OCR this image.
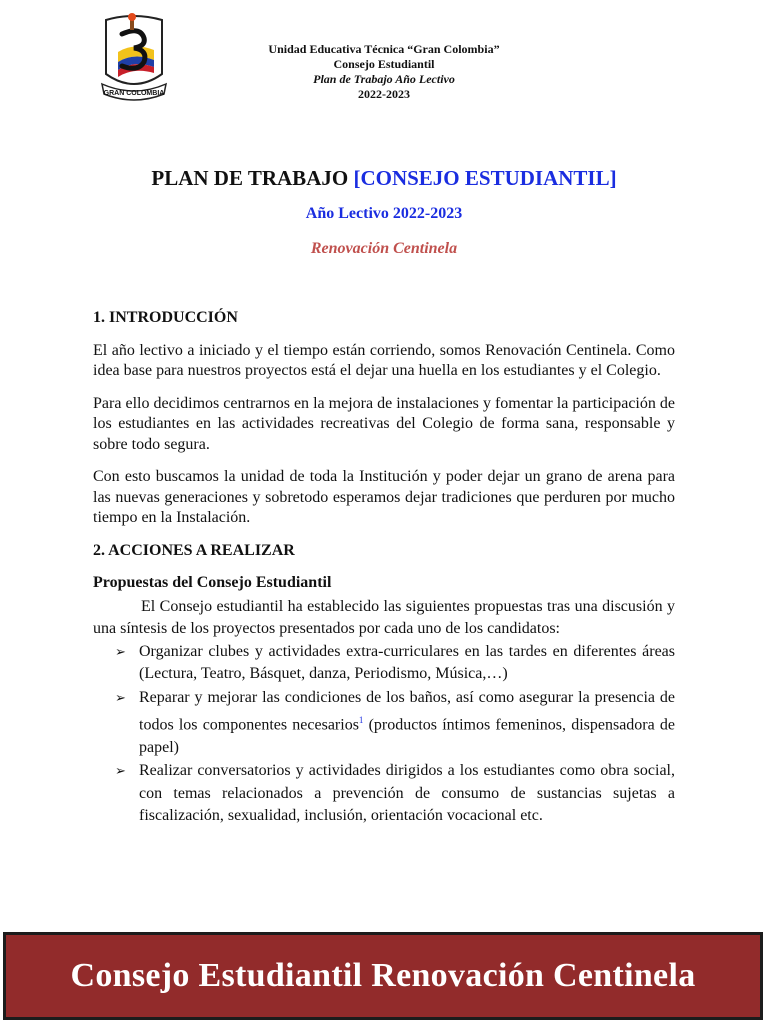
GRAN COLOMBIA
Unidad Educativa Técnica “Gran Colombia”
Consejo Estudiantil
Plan de Trabajo Año Lectivo
2022-2023
PLAN DE TRABAJO [CONSEJO ESTUDIANTIL]
Año Lectivo 2022-2023
Renovación Centinela
1. INTRODUCCIÓN

El año lectivo a iniciado y el tiempo están corriendo, somos Renovación Centinela. Como idea base para nuestros proyectos está el dejar una huella en los estudiantes y el Colegio.

Para ello decidimos centrarnos en la mejora de instalaciones y fomentar la participación de los estudiantes en las actividades recreativas del Colegio de forma sana, responsable y sobre todo segura.

Con esto buscamos la unidad de toda la Institución y poder dejar un grano de arena para las nuevas generaciones y sobretodo esperamos dejar tradiciones que perduren por mucho tiempo en la Instalación.

2. ACCIONES A REALIZAR
Propuestas del Consejo Estudiantil

El Consejo estudiantil ha establecido las siguientes propuestas tras una discusión y una síntesis de los proyectos presentados por cada uno de los candidatos:

➢ Organizar clubes y actividades extra-curriculares en las tardes en diferentes áreas (Lectura, Teatro, Básquet, danza, Periodismo, Música,…)
➢ Reparar y mejorar las condiciones de los baños, así como asegurar la presencia de todos los componentes necesarios$^1$ (productos íntimos femeninos, dispensadora de papel)
➢ Realizar conversatorios y actividades dirigidos a los estudiantes como obra social, con temas relacionados a prevención de consumo de sustancias sujetas a fiscalización, sexualidad, inclusión, orientación vocacional etc.
Consejo Estudiantil Renovación Centinela
